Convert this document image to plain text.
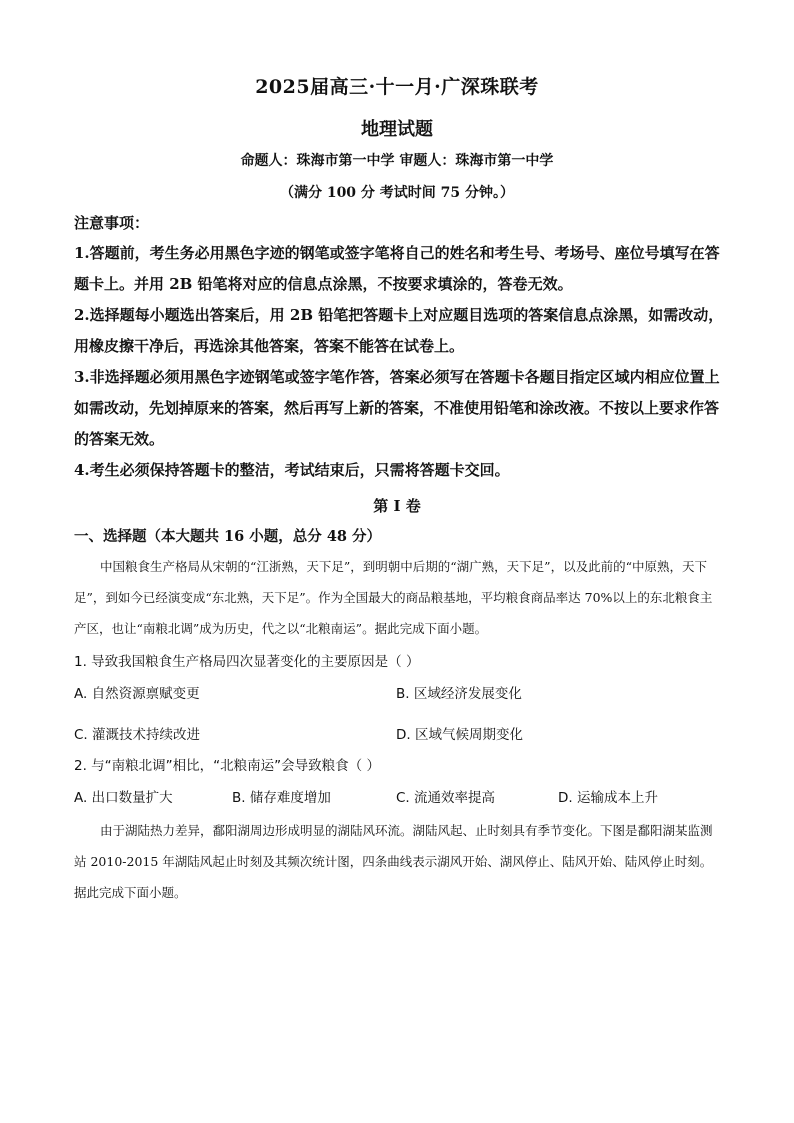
2025届高三·十一月·广深珠联考
地理试题
命题人：珠海市第一中学 审题人：珠海市第一中学
（满分 100 分 考试时间 75 分钟。）
注意事项：

1.答题前，考生务必用黑色字迹的钢笔或签字笔将自己的姓名和考生号、考场号、座位号填写在答题卡上。并用 2B 铅笔将对应的信息点涂黑，不按要求填涂的，答卷无效。

2.选择题每小题选出答案后，用 2B 铅笔把答题卡上对应题目选项的答案信息点涂黑，如需改动，用橡皮擦干净后，再选涂其他答案，答案不能答在试卷上。

3.非选择题必须用黑色字迹钢笔或签字笔作答，答案必须写在答题卡各题目指定区域内相应位置上如需改动，先划掉原来的答案，然后再写上新的答案，不准使用铅笔和涂改液。不按以上要求作答的答案无效。

4.考生必须保持答题卡的整洁，考试结束后，只需将答题卡交回。

第 I 卷
一、选择题（本大题共 16 小题，总分 48 分）
中国粮食生产格局从宋朝的“江浙熟，天下足”，到明朝中后期的“湖广熟，天下足”，以及此前的“中原熟，天下足”，到如今已经演变成“东北熟，天下足”。作为全国最大的商品粮基地，平均粮食商品率达 70%以上的东北粮食主产区，也让“南粮北调”成为历史，代之以“北粮南运”。据此完成下面小题。
1. 导致我国粮食生产格局四次显著变化的主要原因是（ ）
A. 自然资源禀赋变更	B. 区域经济发展变化
C. 灌溉技术持续改进	D. 区域气候周期变化
2. 与“南粮北调”相比，“北粮南运”会导致粮食（ ）
A. 出口数量扩大	B. 储存难度增加	C. 流通效率提高	D. 运输成本上升
由于湖陆热力差异，鄱阳湖周边形成明显的湖陆风环流。湖陆风起、止时刻具有季节变化。下图是鄱阳湖某监测站 2010-2015 年湖陆风起止时刻及其频次统计图，四条曲线表示湖风开始、湖风停止、陆风开始、陆风停止时刻。据此完成下面小题。
